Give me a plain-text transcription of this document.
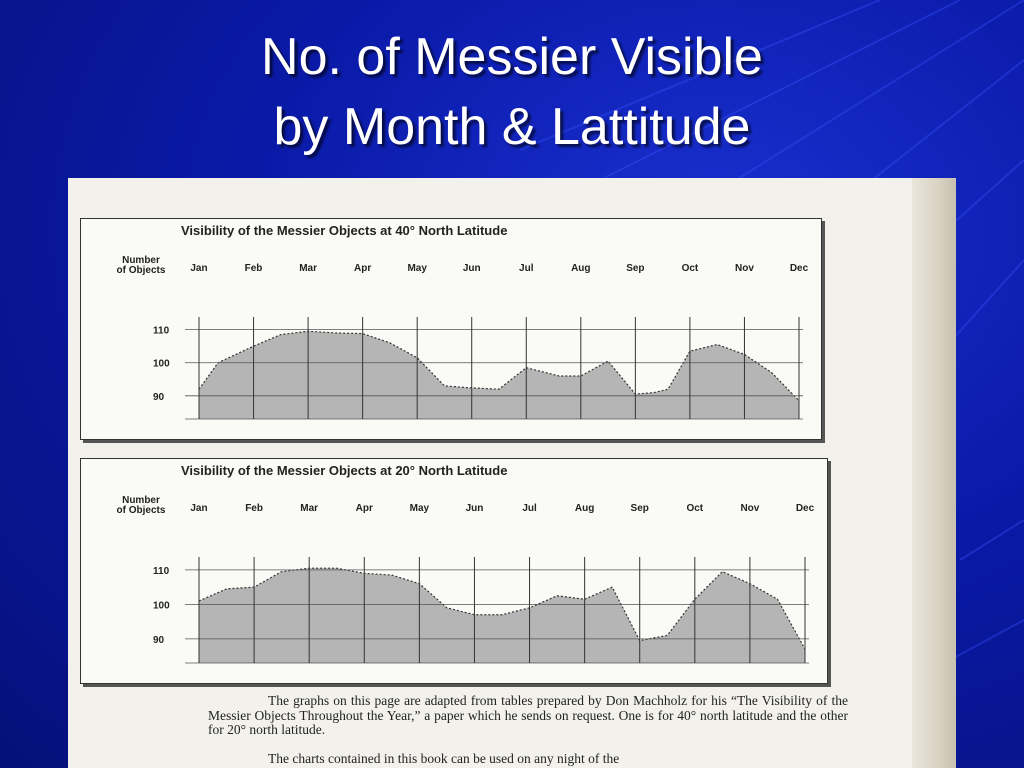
No. of Messier Visible
by Month & Lattitude
Number
of Objects Jan	Feb	Mar	Apr	May	Jun	Jul	Aug	Sep	Oct	Nov	Dec
110
100
90
Visibility of the Messier Objects at 40° North Latitude
Number
of Objects Jan	Feb	Mar	Apr	May	Jun	Jul	Aug	Sep	Oct	Nov	Dec
110
100
90
Visibility of the Messier Objects at 20° North Latitude
The graphs on this page are adapted from tables prepared by Don Machholz for his “The Visibility of the Messier Objects Throughout the Year,” a paper which he sends on request. One is for 40° north latitude and the other for 20° north latitude.
The charts contained in this book can be used on any night of the
